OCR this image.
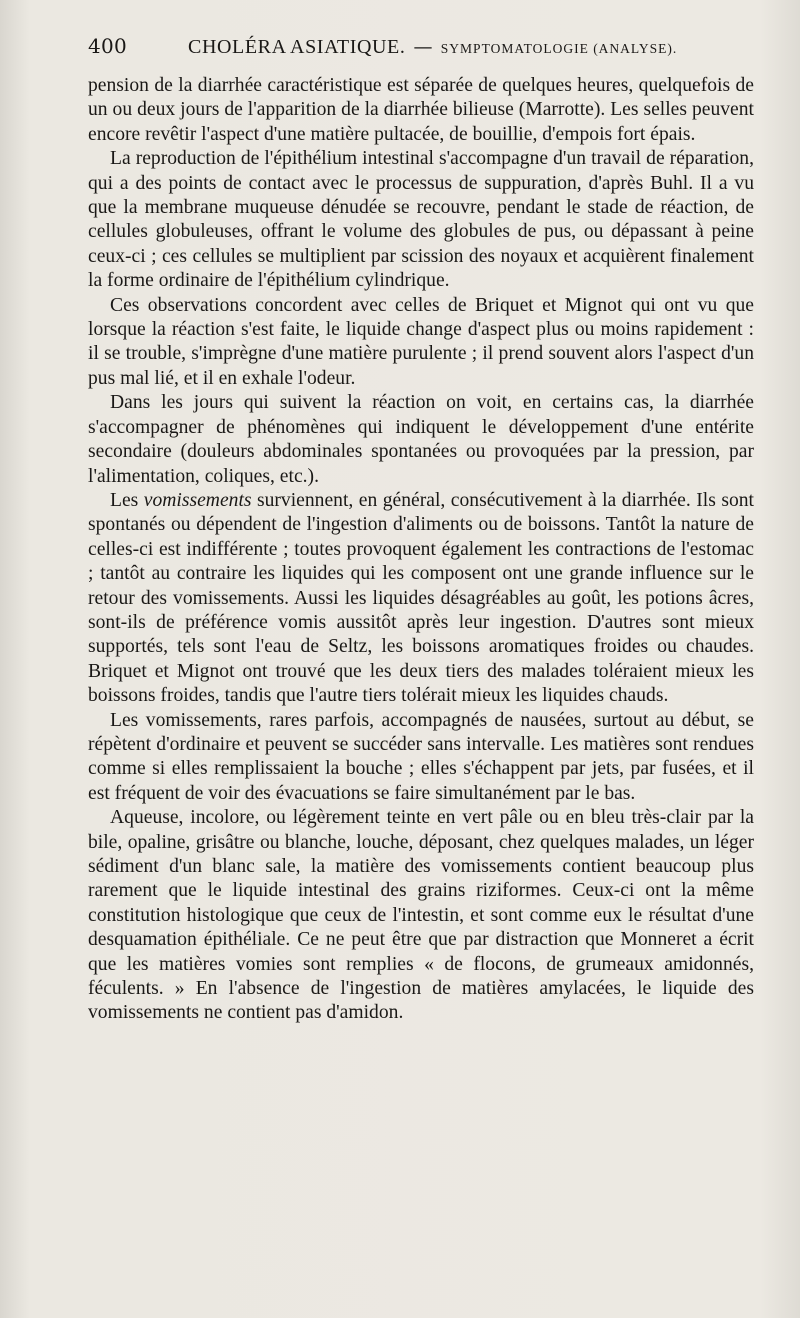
400	CHOLÉRA ASIATIQUE. — SYMPTOMATOLOGIE (ANALYSE).

pension de la diarrhée caractéristique est séparée de quelques heures, quelquefois de un ou deux jours de l'apparition de la diarrhée bilieuse (Marrotte). Les selles peuvent encore revêtir l'aspect d'une matière pultacée, de bouillie, d'empois fort épais.

La reproduction de l'épithélium intestinal s'accompagne d'un travail de réparation, qui a des points de contact avec le processus de suppuration, d'après Buhl. Il a vu que la membrane muqueuse dénudée se recouvre, pendant le stade de réaction, de cellules globuleuses, offrant le volume des globules de pus, ou dépassant à peine ceux-ci ; ces cellules se multiplient par scission des noyaux et acquièrent finalement la forme ordinaire de l'épithélium cylindrique.

Ces observations concordent avec celles de Briquet et Mignot qui ont vu que lorsque la réaction s'est faite, le liquide change d'aspect plus ou moins rapidement : il se trouble, s'imprègne d'une matière purulente ; il prend souvent alors l'aspect d'un pus mal lié, et il en exhale l'odeur.

Dans les jours qui suivent la réaction on voit, en certains cas, la diarrhée s'accompagner de phénomènes qui indiquent le développement d'une entérite secondaire (douleurs abdominales spontanées ou provoquées par la pression, par l'alimentation, coliques, etc.).

Les vomissements surviennent, en général, consécutivement à la diarrhée. Ils sont spontanés ou dépendent de l'ingestion d'aliments ou de boissons. Tantôt la nature de celles-ci est indifférente ; toutes provoquent également les contractions de l'estomac ; tantôt au contraire les liquides qui les composent ont une grande influence sur le retour des vomissements. Aussi les liquides désagréables au goût, les potions âcres, sont-ils de préférence vomis aussitôt après leur ingestion. D'autres sont mieux supportés, tels sont l'eau de Seltz, les boissons aromatiques froides ou chaudes. Briquet et Mignot ont trouvé que les deux tiers des malades toléraient mieux les boissons froides, tandis que l'autre tiers tolérait mieux les liquides chauds.

Les vomissements, rares parfois, accompagnés de nausées, surtout au début, se répètent d'ordinaire et peuvent se succéder sans intervalle. Les matières sont rendues comme si elles remplissaient la bouche ; elles s'échappent par jets, par fusées, et il est fréquent de voir des évacuations se faire simultanément par le bas.

Aqueuse, incolore, ou légèrement teinte en vert pâle ou en bleu très-clair par la bile, opaline, grisâtre ou blanche, louche, déposant, chez quelques malades, un léger sédiment d'un blanc sale, la matière des vomissements contient beaucoup plus rarement que le liquide intestinal des grains riziformes. Ceux-ci ont la même constitution histologique que ceux de l'intestin, et sont comme eux le résultat d'une desquamation épithéliale. Ce ne peut être que par distraction que Monneret a écrit que les matières vomies sont remplies « de flocons, de grumeaux amidonnés, féculents. » En l'absence de l'ingestion de matières amylacées, le liquide des vomissements ne contient pas d'amidon.
